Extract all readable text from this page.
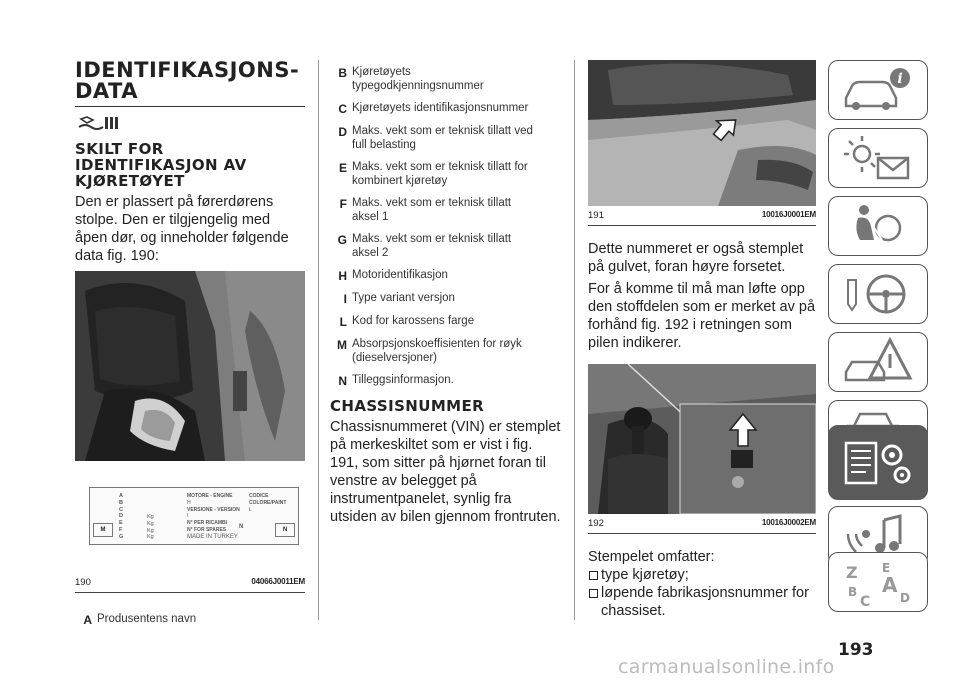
IDENTIFIKASJONS-DATA
SKILT FOR IDENTIFIKASJON AV KJØRETØYET
Den er plassert på førerdørens stolpe. Den er tilgjengelig med åpen dør, og inneholder følgende data fig. 190:
A
B
C
D
E
F
G
Kg
Kg
Kg
Kg
MOTORE - ENGINE
H
VERSIONE - VERSION
I
N° PER RICAMBI
N° FOR SPARES
MADE IN TURKEY
CODICE COLORE/PAINT
L
M	N	N
190	04066J0011EM
A Produsentens navn
B Kjøretøyets typegodkjenningsnummer
C Kjøretøyets identifikasjonsnummer
D Maks. vekt som er teknisk tillatt ved full belasting
E Maks. vekt som er teknisk tillatt for kombinert kjøretøy
F Maks. vekt som er teknisk tillatt aksel 1
G Maks. vekt som er teknisk tillatt aksel 2
H Motoridentifikasjon
I Type variant versjon
L Kod for karossens farge
M Absorpsjonskoeffisienten for røyk (dieselversjoner)
N Tilleggsinformasjon.
CHASSISNUMMER
Chassisnummeret (VIN) er stemplet på merkeskiltet som er vist i fig. 191, som sitter på hjørnet foran til venstre av belegget på instrumentpanelet, synlig fra utsiden av bilen gjennom frontruten.
191	10016J0001EM
Dette nummeret er også stemplet på gulvet, foran høyre forsetet.
For å komme til må man løfte opp den stoffdelen som er merket av på forhånd fig. 192 i retningen som pilen indikerer.
192	10016J0002EM
Stempelet omfatter:
type kjøretøy;
løpende fabrikasjonsnummer for chassiset.
i
Z E
A
B
C D
193
carmanualsonline.info
